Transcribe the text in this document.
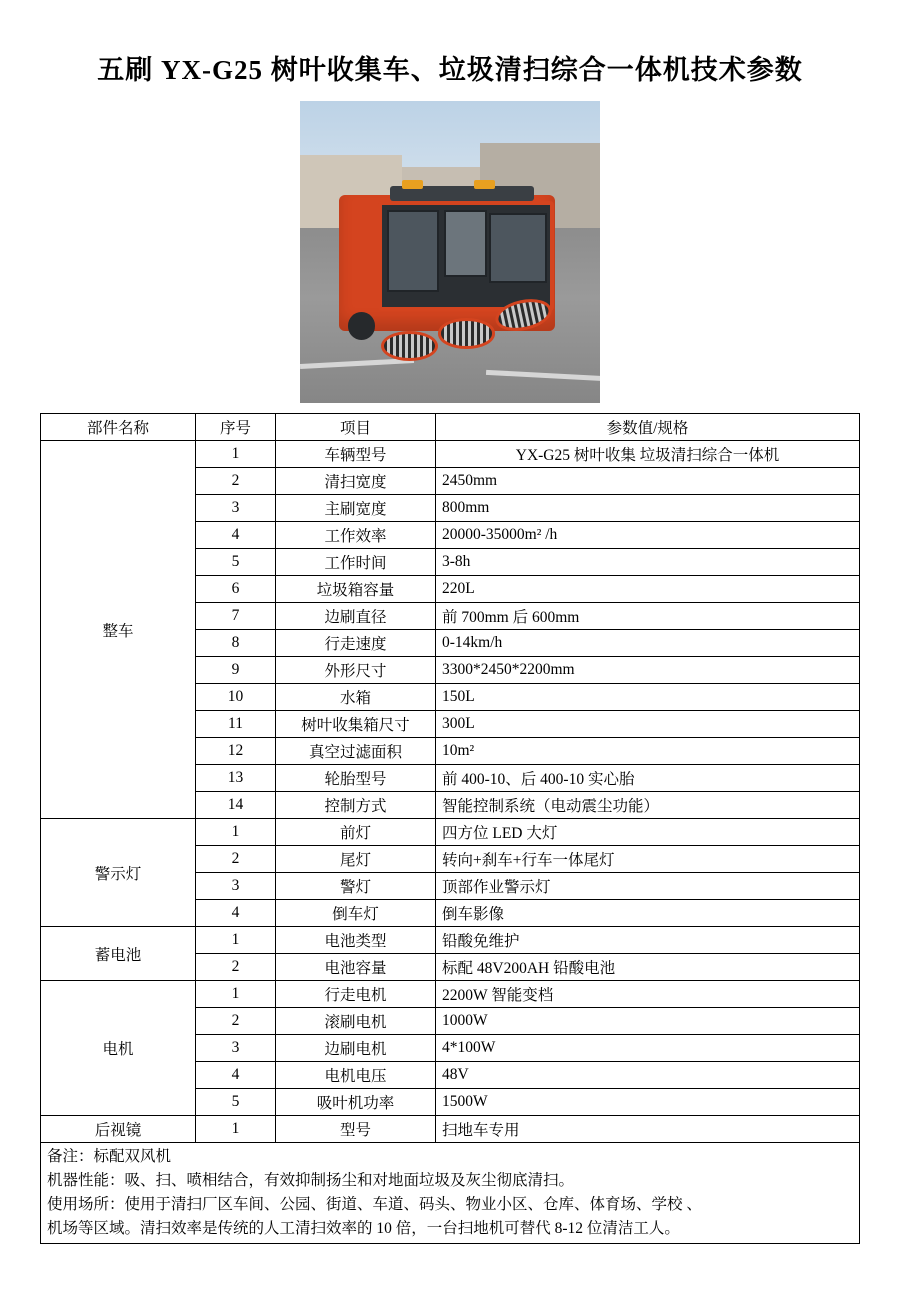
五刷 YX-G25 树叶收集车、垃圾清扫综合一体机技术参数
部件名称	序号	项目	参数值/规格
整车	1	车辆型号	YX-G25 树叶收集 垃圾清扫综合一体机
	2	清扫宽度	2450mm
	3	主刷宽度	800mm
	4	工作效率	20000-35000m² /h
	5	工作时间	3-8h
	6	垃圾箱容量	220L
	7	边刷直径	前 700mm 后 600mm
	8	行走速度	0-14km/h
	9	外形尺寸	3300*2450*2200mm
	10	水箱	150L
	11	树叶收集箱尺寸	300L
	12	真空过滤面积	10m²
	13	轮胎型号	前 400-10、后 400-10 实心胎
	14	控制方式	智能控制系统（电动震尘功能）
警示灯	1	前灯	四方位 LED 大灯
	2	尾灯	转向+刹车+行车一体尾灯
	3	警灯	顶部作业警示灯
	4	倒车灯	倒车影像
蓄电池	1	电池类型	铅酸免维护
	2	电池容量	标配 48V200AH 铅酸电池
电机	1	行走电机	2200W 智能变档
	2	滚刷电机	1000W
	3	边刷电机	4*100W
	4	电机电压	48V
	5	吸叶机功率	1500W
后视镜	1	型号	扫地车专用

备注：标配双风机
机器性能：吸、扫、喷相结合，有效抑制扬尘和对地面垃圾及灰尘彻底清扫。
使用场所：使用于清扫厂区车间、公园、街道、车道、码头、物业小区、仓库、体育场、学校 、
机场等区域。清扫效率是传统的人工清扫效率的 10 倍，一台扫地机可替代 8-12 位清洁工人。			
